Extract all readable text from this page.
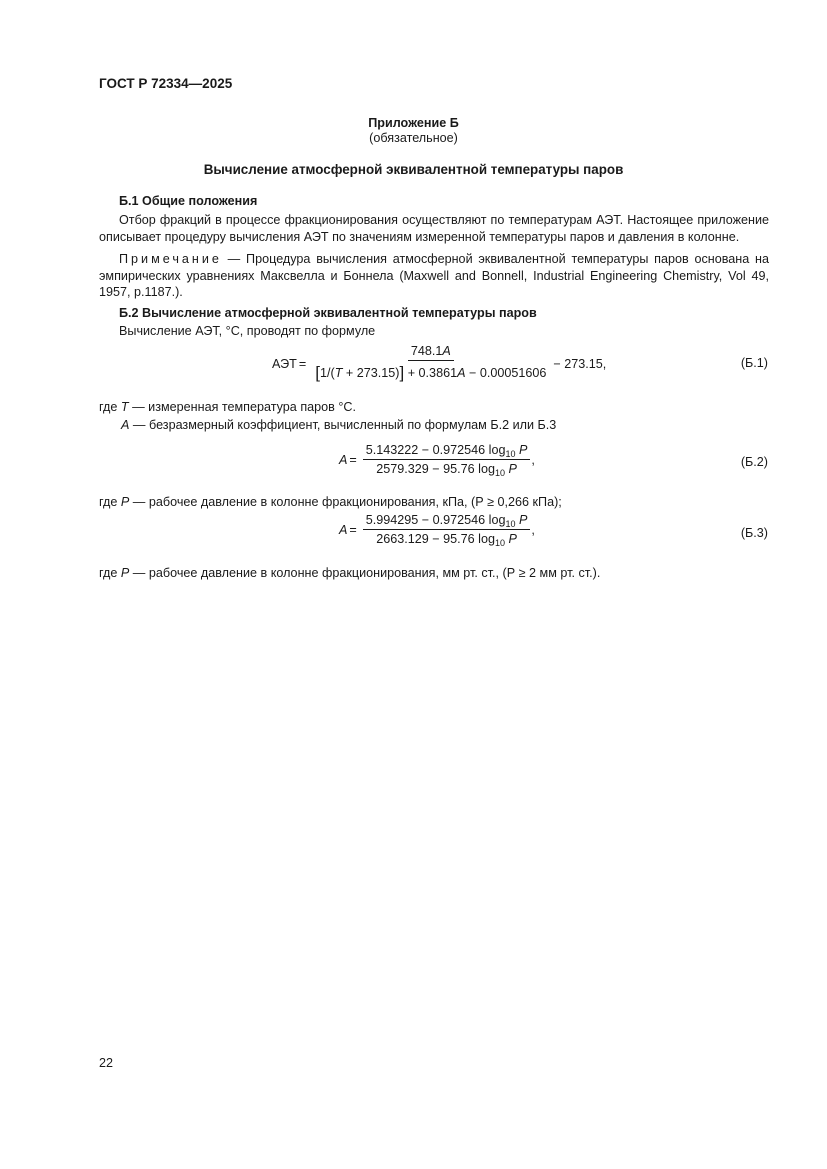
ГОСТ Р 72334—2025
Приложение Б
(обязательное)
Вычисление атмосферной эквивалентной температуры паров
Б.1 Общие положения
Отбор фракций в процессе фракционирования осуществляют по температурам АЭТ. Настоящее приложение описывает процедуру вычисления АЭТ по значениям измеренной температуры паров и давления в колонне.
Примечание — Процедура вычисления атмосферной эквивалентной температуры паров основана на эмпирических уравнениях Максвелла и Боннела (Maxwell and Bonnell, Industrial Engineering Chemistry, Vol 49, 1957, p.1187.).
Б.2 Вычисление атмосферной эквивалентной температуры паров
Вычисление АЭТ, °С, проводят по формуле
АЭТ = $\frac{748.1A}{[1/(T + 273.15)] + 0.3861A - 0.00051606} - 273.15$,	(Б.1)
где T — измеренная температура паров °С.
A — безразмерный коэффициент, вычисленный по формулам Б.2 или Б.3
$A = \frac{5.143222 - 0.972546 \log_{10} P}{2579.329 - 95.76 \log_{10} P}$ ,	(Б.2)
где P — рабочее давление в колонне фракционирования, кПа, (Р ≥ 0,266 кПа);
$A = \frac{5.994295 - 0.972546 \log_{10} P}{2663.129 - 95.76 \log_{10} P}$ ,	(Б.3)
где P — рабочее давление в колонне фракционирования, мм рт. ст., (Р ≥ 2 мм рт. ст.).
22
